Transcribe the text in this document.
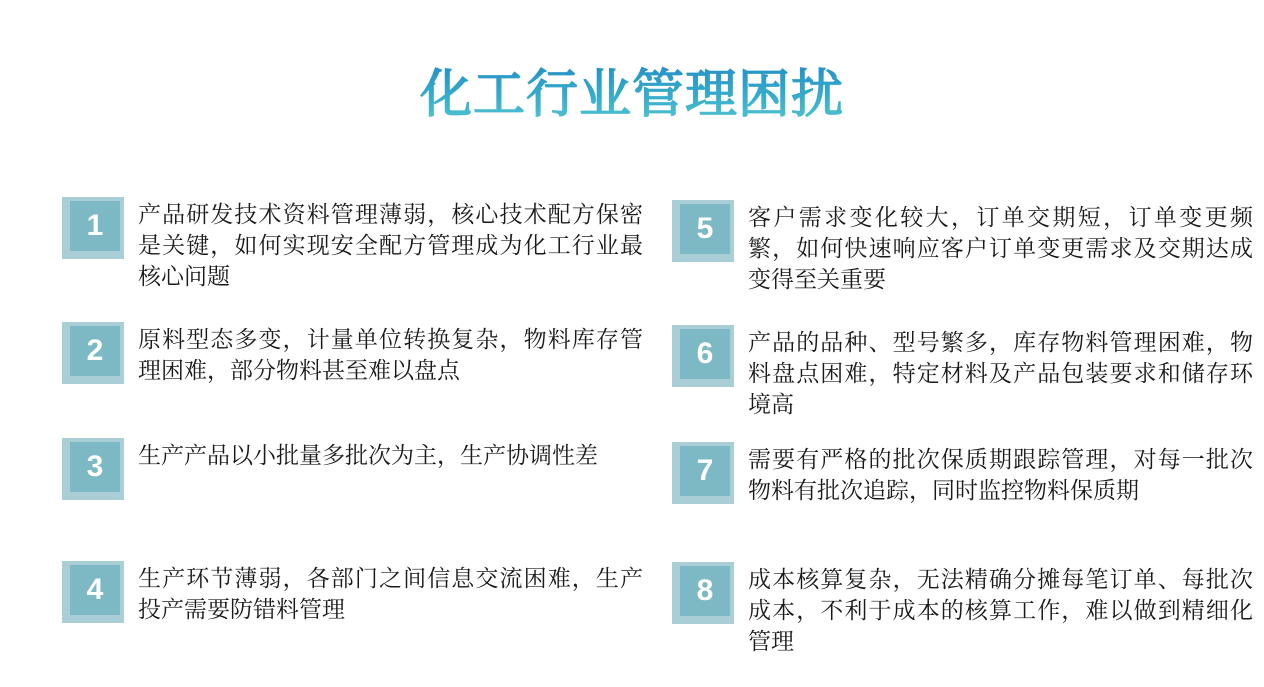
化工行业管理困扰
1	产品研发技术资料管理薄弱，核心技术配方保密是关键，如何实现安全配方管理成为化工行业最核心问题

2	原料型态多变，计量单位转换复杂，物料库存管理困难，部分物料甚至难以盘点

3	生产产品以小批量多批次为主，生产协调性差

4	生产环节薄弱，各部门之间信息交流困难，生产投产需要防错料管理

5	客户需求变化较大，订单交期短，订单变更频繁，如何快速响应客户订单变更需求及交期达成变得至关重要

6	产品的品种、型号繁多，库存物料管理困难，物料盘点困难，特定材料及产品包装要求和储存环境高

7	需要有严格的批次保质期跟踪管理，对每一批次物料有批次追踪，同时监控物料保质期

8	成本核算复杂，无法精确分摊每笔订单、每批次成本，不利于成本的核算工作，难以做到精细化管理
